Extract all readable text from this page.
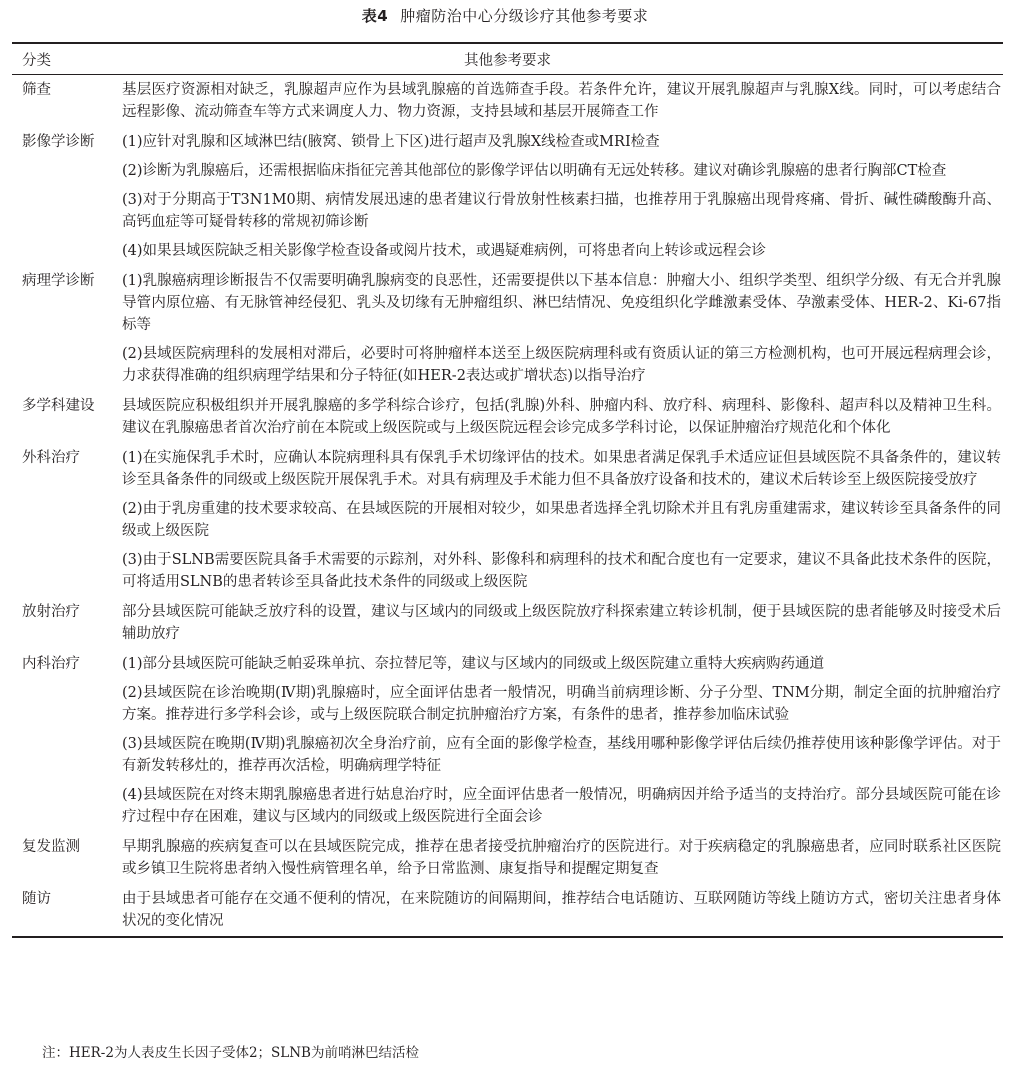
表4 肿瘤防治中心分级诊疗其他参考要求
分类	其他参考要求
筛查	基层医疗资源相对缺乏，乳腺超声应作为县域乳腺癌的首选筛查手段。若条件允许，建议开展乳腺超声与乳腺X线。同时，可以考虑结合远程影像、流动筛查车等方式来调度人力、物力资源，支持县域和基层开展筛查工作
影像学诊断	(1)应针对乳腺和区域淋巴结(腋窝、锁骨上下区)进行超声及乳腺X线检查或MRI检查
(2)诊断为乳腺癌后，还需根据临床指征完善其他部位的影像学评估以明确有无远处转移。建议对确诊乳腺癌的患者行胸部CT检查
(3)对于分期高于T3N1M0期、病情发展迅速的患者建议行骨放射性核素扫描，也推荐用于乳腺癌出现骨疼痛、骨折、碱性磷酸酶升高、高钙血症等可疑骨转移的常规初筛诊断
(4)如果县域医院缺乏相关影像学检查设备或阅片技术，或遇疑难病例，可将患者向上转诊或远程会诊
病理学诊断	(1)乳腺癌病理诊断报告不仅需要明确乳腺病变的良恶性，还需要提供以下基本信息：肿瘤大小、组织学类型、组织学分级、有无合并乳腺导管内原位癌、有无脉管神经侵犯、乳头及切缘有无肿瘤组织、淋巴结情况、免疫组织化学雌激素受体、孕激素受体、HER-2、Ki-67指标等
(2)县域医院病理科的发展相对滞后，必要时可将肿瘤样本送至上级医院病理科或有资质认证的第三方检测机构，也可开展远程病理会诊，力求获得准确的组织病理学结果和分子特征(如HER-2表达或扩增状态)以指导治疗
多学科建设	县域医院应积极组织并开展乳腺癌的多学科综合诊疗，包括(乳腺)外科、肿瘤内科、放疗科、病理科、影像科、超声科以及精神卫生科。建议在乳腺癌患者首次治疗前在本院或上级医院或与上级医院远程会诊完成多学科讨论，以保证肿瘤治疗规范化和个体化
外科治疗	(1)在实施保乳手术时，应确认本院病理科具有保乳手术切缘评估的技术。如果患者满足保乳手术适应证但县域医院不具备条件的，建议转诊至具备条件的同级或上级医院开展保乳手术。对具有病理及手术能力但不具备放疗设备和技术的，建议术后转诊至上级医院接受放疗
(2)由于乳房重建的技术要求较高、在县域医院的开展相对较少，如果患者选择全乳切除术并且有乳房重建需求，建议转诊至具备条件的同级或上级医院
(3)由于SLNB需要医院具备手术需要的示踪剂，对外科、影像科和病理科的技术和配合度也有一定要求，建议不具备此技术条件的医院，可将适用SLNB的患者转诊至具备此技术条件的同级或上级医院
放射治疗	部分县域医院可能缺乏放疗科的设置，建议与区域内的同级或上级医院放疗科探索建立转诊机制，便于县域医院的患者能够及时接受术后辅助放疗
内科治疗	(1)部分县域医院可能缺乏帕妥珠单抗、奈拉替尼等，建议与区域内的同级或上级医院建立重特大疾病购药通道
(2)县域医院在诊治晚期(Ⅳ期)乳腺癌时，应全面评估患者一般情况，明确当前病理诊断、分子分型、TNM分期，制定全面的抗肿瘤治疗方案。推荐进行多学科会诊，或与上级医院联合制定抗肿瘤治疗方案，有条件的患者，推荐参加临床试验
(3)县域医院在晚期(Ⅳ期)乳腺癌初次全身治疗前，应有全面的影像学检查，基线用哪种影像学评估后续仍推荐使用该种影像学评估。对于有新发转移灶的，推荐再次活检，明确病理学特征
(4)县域医院在对终末期乳腺癌患者进行姑息治疗时，应全面评估患者一般情况，明确病因并给予适当的支持治疗。部分县域医院可能在诊疗过程中存在困难，建议与区域内的同级或上级医院进行全面会诊
复发监测	早期乳腺癌的疾病复查可以在县域医院完成，推荐在患者接受抗肿瘤治疗的医院进行。对于疾病稳定的乳腺癌患者，应同时联系社区医院或乡镇卫生院将患者纳入慢性病管理名单，给予日常监测、康复指导和提醒定期复查
随访	由于县域患者可能存在交通不便利的情况，在来院随访的间隔期间，推荐结合电话随访、互联网随访等线上随访方式，密切关注患者身体状况的变化情况
注：HER-2为人表皮生长因子受体2；SLNB为前哨淋巴结活检
